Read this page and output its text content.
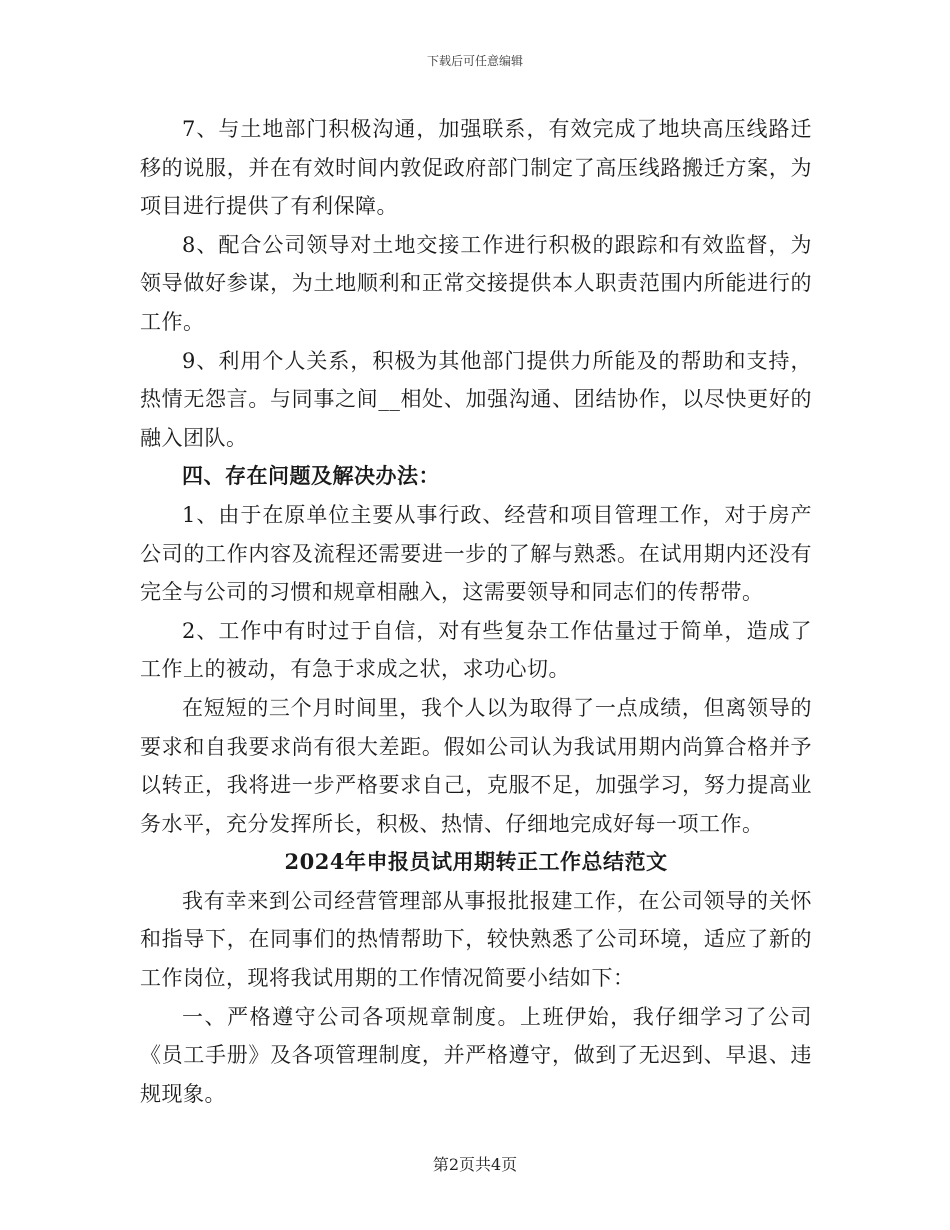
下载后可任意编辑

7、与土地部门积极沟通，加强联系，有效完成了地块高压线路迁移的说服，并在有效时间内敦促政府部门制定了高压线路搬迁方案，为项目进行提供了有利保障。

8、配合公司领导对土地交接工作进行积极的跟踪和有效监督，为领导做好参谋，为土地顺利和正常交接提供本人职责范围内所能进行的工作。

9、利用个人关系，积极为其他部门提供力所能及的帮助和支持，热情无怨言。与同事之间__相处、加强沟通、团结协作，以尽快更好的融入团队。

四、存在问题及解决办法：

1、由于在原单位主要从事行政、经营和项目管理工作，对于房产公司的工作内容及流程还需要进一步的了解与熟悉。在试用期内还没有完全与公司的习惯和规章相融入，这需要领导和同志们的传帮带。

2、工作中有时过于自信，对有些复杂工作估量过于简单，造成了工作上的被动，有急于求成之状，求功心切。

在短短的三个月时间里，我个人以为取得了一点成绩，但离领导的要求和自我要求尚有很大差距。假如公司认为我试用期内尚算合格并予以转正，我将进一步严格要求自己，克服不足，加强学习，努力提高业务水平，充分发挥所长，积极、热情、仔细地完成好每一项工作。

2024年申报员试用期转正工作总结范文

我有幸来到公司经营管理部从事报批报建工作，在公司领导的关怀和指导下，在同事们的热情帮助下，较快熟悉了公司环境，适应了新的工作岗位，现将我试用期的工作情况简要小结如下：

一、严格遵守公司各项规章制度。上班伊始，我仔细学习了公司《员工手册》及各项管理制度，并严格遵守，做到了无迟到、早退、违规现象。

第2页共4页
